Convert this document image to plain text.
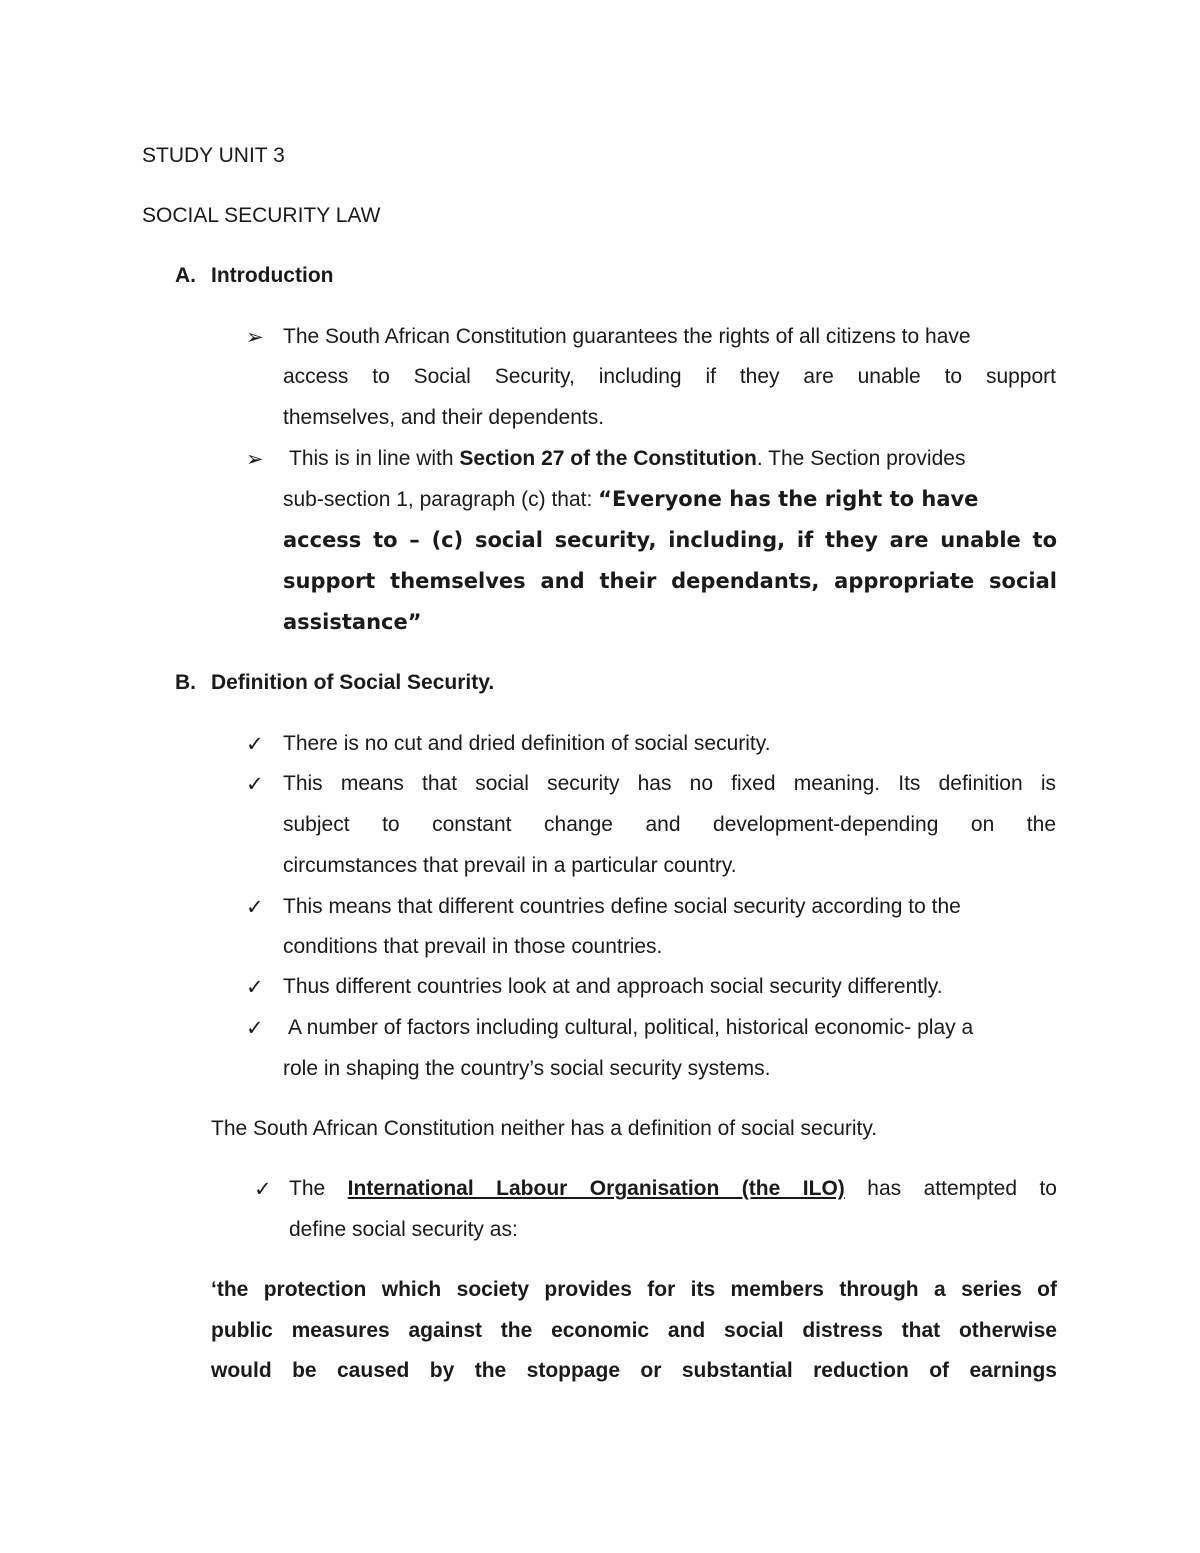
STUDY UNIT 3
SOCIAL SECURITY LAW
A. Introduction
➢ The South African Constitution guarantees the rights of all citizens to have
access to Social Security, including if they are unable to support
themselves, and their dependents.
➢ This is in line with Section 27 of the Constitution. The Section provides
sub-section 1, paragraph (c) that: “Everyone has the right to have
access to – (c) social security, including, if they are unable to
support themselves and their dependants, appropriate social
assistance”
B. Definition of Social Security.
✓ There is no cut and dried definition of social security.
✓ This means that social security has no fixed meaning. Its definition is
subject to constant change and development-depending on the
circumstances that prevail in a particular country.
✓ This means that different countries define social security according to the
conditions that prevail in those countries.
✓ Thus different countries look at and approach social security differently.
✓ A number of factors including cultural, political, historical economic- play a
role in shaping the country’s social security systems.
The South African Constitution neither has a definition of social security.
✓ The International Labour Organisation (the ILO) has attempted to
define social security as:
‘the protection which society provides for its members through a series of
public measures against the economic and social distress that otherwise
would be caused by the stoppage or substantial reduction of earnings
